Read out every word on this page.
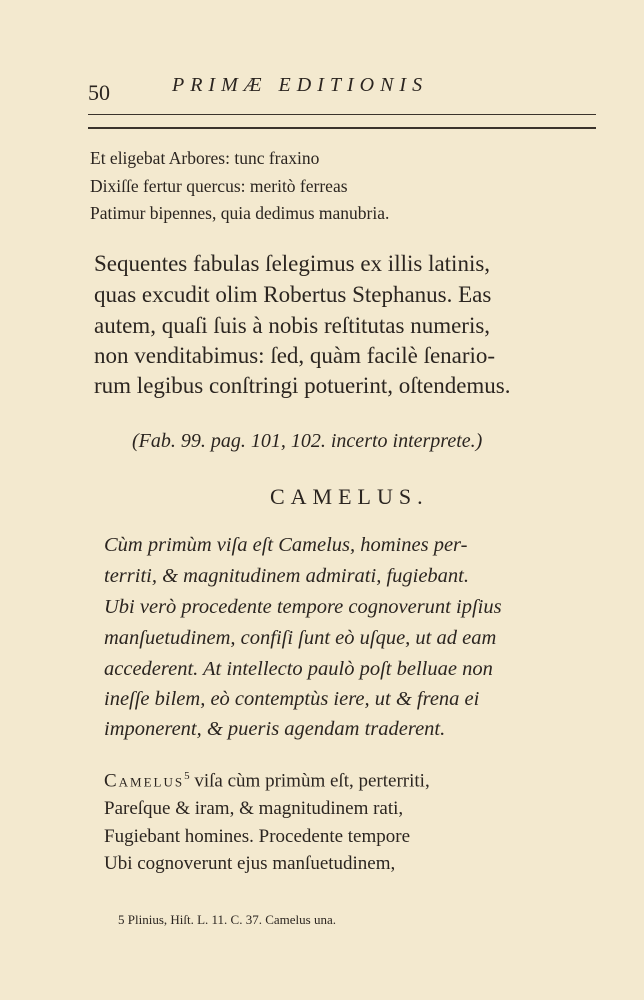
50	PRIMÆ EDITIONIS
Et eligebat Arbores: tunc fraxino
Dixiſſe fertur quercus: meritò ferreas
Patimur bipennes, quia dedimus manubria.
Sequentes fabulas ſelegimus ex illis latinis,
quas excudit olim Robertus Stephanus. Eas
autem, quaſi ſuis à nobis reſtitutas numeris,
non venditabimus: ſed, quàm facilè ſenario-
rum legibus conſtringi potuerint, oſtendemus.
(Fab. 99. pag. 101, 102. incerto interprete.)
CAMELUS.
Cùm primùm viſa eſt Camelus, homines per-
territi, & magnitudinem admirati, fugiebant.
Ubi verò procedente tempore cognoverunt ipſius
manſuetudinem, confiſi ſunt eò uſque, ut ad eam
accederent. At intellecto paulò poſt belluae non
ineſſe bilem, eò contemptùs iere, ut & frena ei
imponerent, & pueris agendam traderent.
Camelus$^5$ viſa cùm primùm eſt, perterriti,
Pareſque & iram, & magnitudinem rati,
Fugiebant homines. Procedente tempore
Ubi cognoverunt ejus manſuetudinem,
5 Plinius, Hiſt. L. 11. C. 37. Camelus una.
